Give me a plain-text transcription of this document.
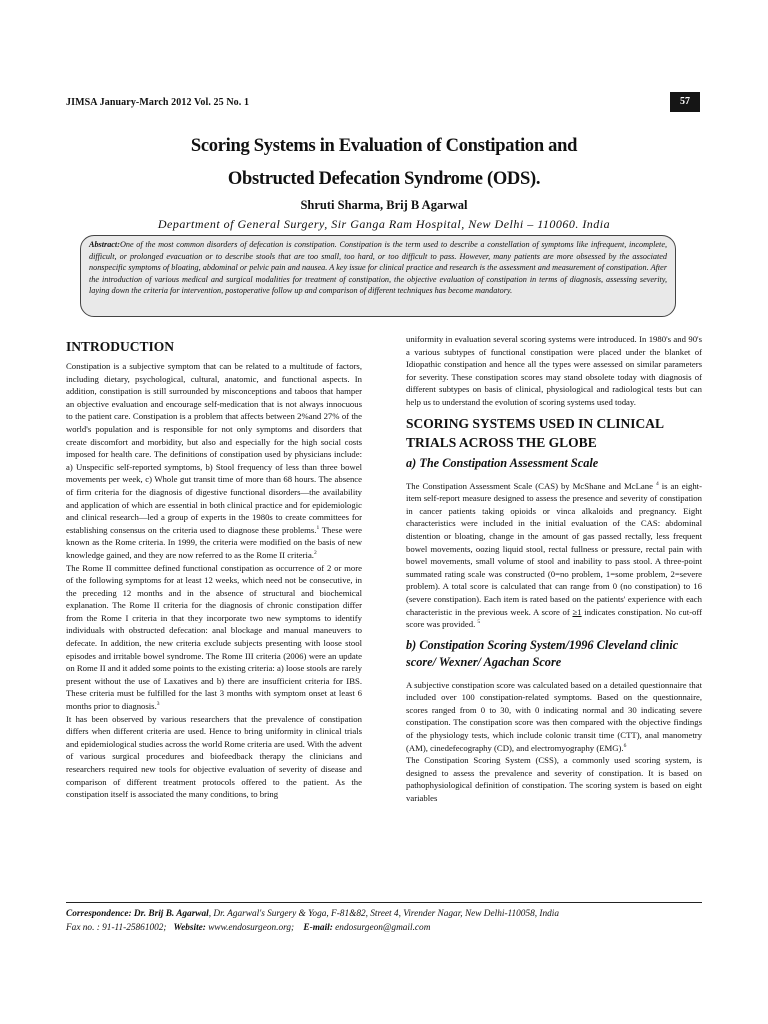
JIMSA January-March 2012 Vol. 25 No. 1	57
Scoring Systems in Evaluation of Constipation and
Obstructed Defecation Syndrome (ODS).
Shruti Sharma, Brij B Agarwal
Department of General Surgery, Sir Ganga Ram Hospital, New Delhi – 110060. India
Abstract:One of the most common disorders of defecation is constipation. Constipation is the term used to describe a constellation of symptoms like infrequent, incomplete, difficult, or prolonged evacuation or to describe stools that are too small, too hard, or too difficult to pass. However, many patients are more obsessed by the associated nonspecific symptoms of bloating, abdominal or pelvic pain and nausea. A key issue for clinical practice and research is the assessment and measurement of constipation. After the introduction of various medical and surgical modalities for treatment of constipation, the objective evaluation of constipation in terms of diagnosis, assessing severity, laying down the criteria for intervention, postoperative follow up and comparison of different techniques has become mandatory.
INTRODUCTION

Constipation is a subjective symptom that can be related to a multitude of factors, including dietary, psychological, cultural, anatomic, and functional aspects. In addition, constipation is still surrounded by misconceptions and taboos that hamper an objective evaluation and encourage self-medication that is not always innocuous to the patient care. Constipation is a problem that affects between 2%and 27% of the world's population and is responsible for not only symptoms and disorders that create discomfort and morbidity, but also and especially for the high social costs imposed for health care. The definitions of constipation used by physicians include: a) Unspecific self-reported symptoms, b) Stool frequency of less than three bowel movements per week, c) Whole gut transit time of more than 68 hours. The absence of firm criteria for the diagnosis of digestive functional disorders—the availability and application of which are essential in both clinical practice and for epidemiologic and clinical research—led a group of experts in the 1980s to create committees for establishing consensus on the criteria used to diagnose these problems.$^1$ These were known as the Rome criteria. In 1999, the criteria were modified on the basis of new knowledge gained, and they are now referred to as the Rome II criteria.$^2$

The Rome II committee defined functional constipation as occurrence of 2 or more of the following symptoms for at least 12 weeks, which need not be consecutive, in the preceding 12 months and in the absence of structural and biochemical explanation. The Rome II criteria for the diagnosis of chronic constipation differ from the Rome I criteria in that they incorporate two new symptoms to identify individuals with obstructed defecation: anal blockage and manual maneuvers to defecate. In addition, the new criteria exclude subjects presenting with loose stool episodes and irritable bowel syndrome. The Rome III criteria (2006) were an update on Rome II and it added some points to the existing criteria: a) loose stools are rarely present without the use of Laxatives and b) there are insufficient criteria for IBS. These criteria must be fulfilled for the last 3 months with symptom onset at least 6 months prior to diagnosis.$^3$

It has been observed by various researchers that the prevalence of constipation differs when different criteria are used. Hence to bring uniformity in clinical trials and epidemiological studies across the world Rome criteria are used. With the advent of various surgical procedures and biofeedback therapy the clinicians and researchers required new tools for objective evaluation of severity of disease and comparison of different treatment protocols offered to the patient. As the constipation itself is associated the many conditions, to bring

uniformity in evaluation several scoring systems were introduced. In 1980's and 90's a various subtypes of functional constipation were placed under the blanket of Idiopathic constipation and hence all the types were assessed on similar parameters for severity. These constipation scores may stand obsolete today with diagnosis of different subtypes on basis of clinical, physiological and radiological tests but can help us to understand the evolution of scoring systems used today.

SCORING SYSTEMS USED IN CLINICAL TRIALS ACROSS THE GLOBE
a) The Constipation Assessment Scale

The Constipation Assessment Scale (CAS) by McShane and McLane $^4$ is an eight-item self-report measure designed to assess the presence and severity of constipation in cancer patients taking opioids or vinca alkaloids and pregnancy. Eight characteristics were included in the initial evaluation of the CAS: abdominal distention or bloating, change in the amount of gas passed rectally, less frequent bowel movements, oozing liquid stool, rectal fullness or pressure, rectal pain with bowel movements, small volume of stool and inability to pass stool. A three-point summated rating scale was constructed (0=no problem, 1=some problem, 2=severe problem). A total score is calculated that can range from 0 (no constipation) to 16 (severe constipation). Each item is rated based on the patients' experience with each characteristic in the previous week. A score of ≥1 indicates constipation. No cut-off score was provided. $^5$

b) Constipation Scoring System/1996 Cleveland clinic score/ Wexner/ Agachan Score

A subjective constipation score was calculated based on a detailed questionnaire that included over 100 constipation-related symptoms. Based on the questionnaire, scores ranged from 0 to 30, with 0 indicating normal and 30 indicating severe constipation. The constipation score was then compared with the objective findings of the physiology tests, which include colonic transit time (CTT), anal manometry (AM), cinedefecography (CD), and electromyography (EMG).$^6$

The Constipation Scoring System (CSS), a commonly used scoring system, is designed to assess the prevalence and severity of constipation. It is based on pathophysiological definition of constipation. The scoring system is based on eight variables

Correspondence: Dr. Brij B. Agarwal, Dr. Agarwal's Surgery & Yoga, F-81&82, Street 4, Virender Nagar, New Delhi-110058, India
Fax no. : 91-11-25861002; Website: www.endosurgeon.org; E-mail: endosurgeon@gmail.com
